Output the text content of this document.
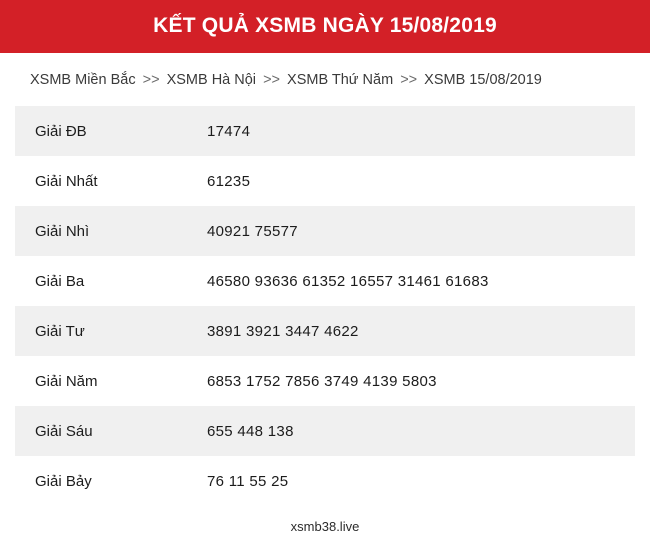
KẾT QUẢ XSMB NGÀY 15/08/2019
XSMB Miền Bắc >> XSMB Hà Nội >> XSMB Thứ Năm >> XSMB 15/08/2019
Giải ĐB	17474
Giải Nhất	61235
Giải Nhì	40921 75577
Giải Ba	46580 93636 61352 16557 31461 61683
Giải Tư	3891 3921 3447 4622
Giải Năm	6853 1752 7856 3749 4139 5803
Giải Sáu	655 448 138
Giải Bảy	76 11 55 25
xsmb38.live
